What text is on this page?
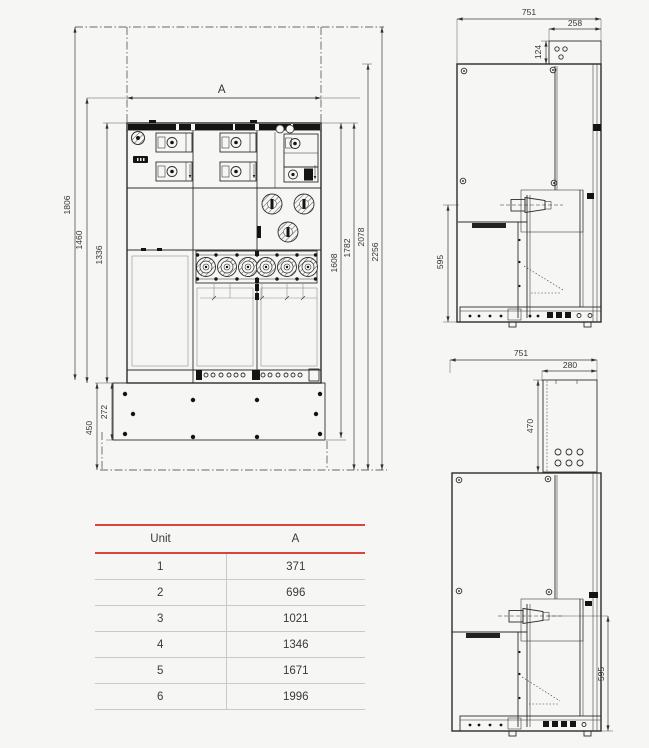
A
1806
1460
1336
272
450
1608
1782
2078
2256
751
258
124
595
751
280
470
595
Unit	A
1	371
2	696
3	1021
4	1346
5	1671
6	1996
